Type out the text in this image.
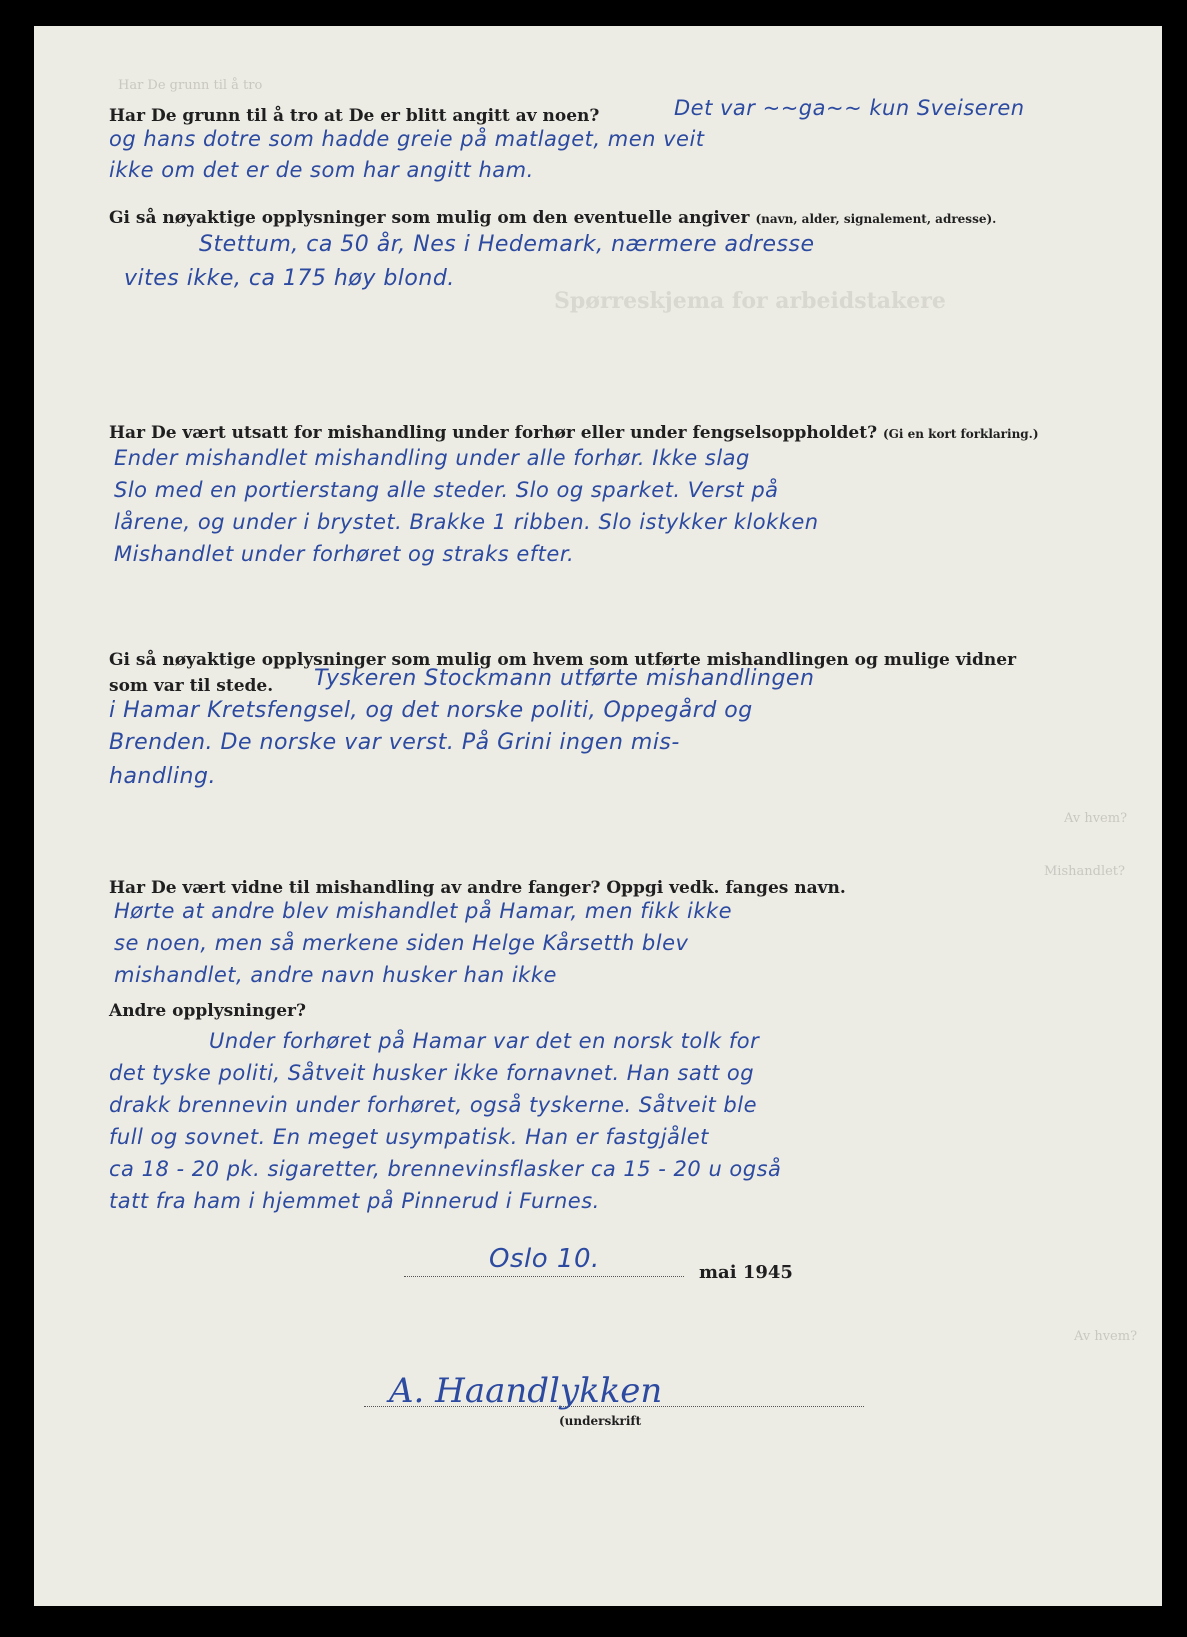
Har De grunn til å tro
Spørreskjema for arbeidstakere
Av hvem?
Mishandlet?
Av hvem?

Har De grunn til å tro at De er blitt angitt av noen?	Det var ~~ga~~ kun Sveiseren

og hans dotre som hadde greie på matlaget, men veit

ikke om det er de som har angitt ham.

Gi så nøyaktige opplysninger som mulig om den eventuelle angiver (navn, alder, signalement, adresse).

Stettum, ca 50 år, Nes i Hedemark, nærmere adresse

vites ikke, ca 175 høy blond.

Har De vært utsatt for mishandling under forhør eller under fengselsoppholdet? (Gi en kort forklaring.)

Ender mishandlet mishandling under alle forhør. Ikke slag

Slo med en portierstang alle steder. Slo og sparket. Verst på

lårene, og under i brystet. Brakke 1 ribben. Slo istykker klokken

Mishandlet under forhøret og straks efter.

Gi så nøyaktige opplysninger som mulig om hvem som utførte mishandlingen og mulige vidner

som var til stede. Tyskeren Stockmann utførte mishandlingen

i Hamar Kretsfengsel, og det norske politi, Oppegård og

Brenden. De norske var verst. På Grini ingen mis-

handling.

Har De vært vidne til mishandling av andre fanger? Oppgi vedk. fanges navn.

Hørte at andre blev mishandlet på Hamar, men fikk ikke

se noen, men så merkene siden Helge Kårsetth blev

mishandlet, andre navn husker han ikke

Andre opplysninger?

Under forhøret på Hamar var det en norsk tolk for

det tyske politi, Såtveit husker ikke fornavnet. Han satt og

drakk brennevin under forhøret, også tyskerne. Såtveit ble

full og sovnet. En meget usympatisk. Han er fastgjålet

ca 18 - 20 pk. sigaretter, brennevinsflasker ca 15 - 20 u også

tatt fra ham i hjemmet på Pinnerud i Furnes.

Oslo 10.	mai 1945

A. Haandlykken
(underskrift
